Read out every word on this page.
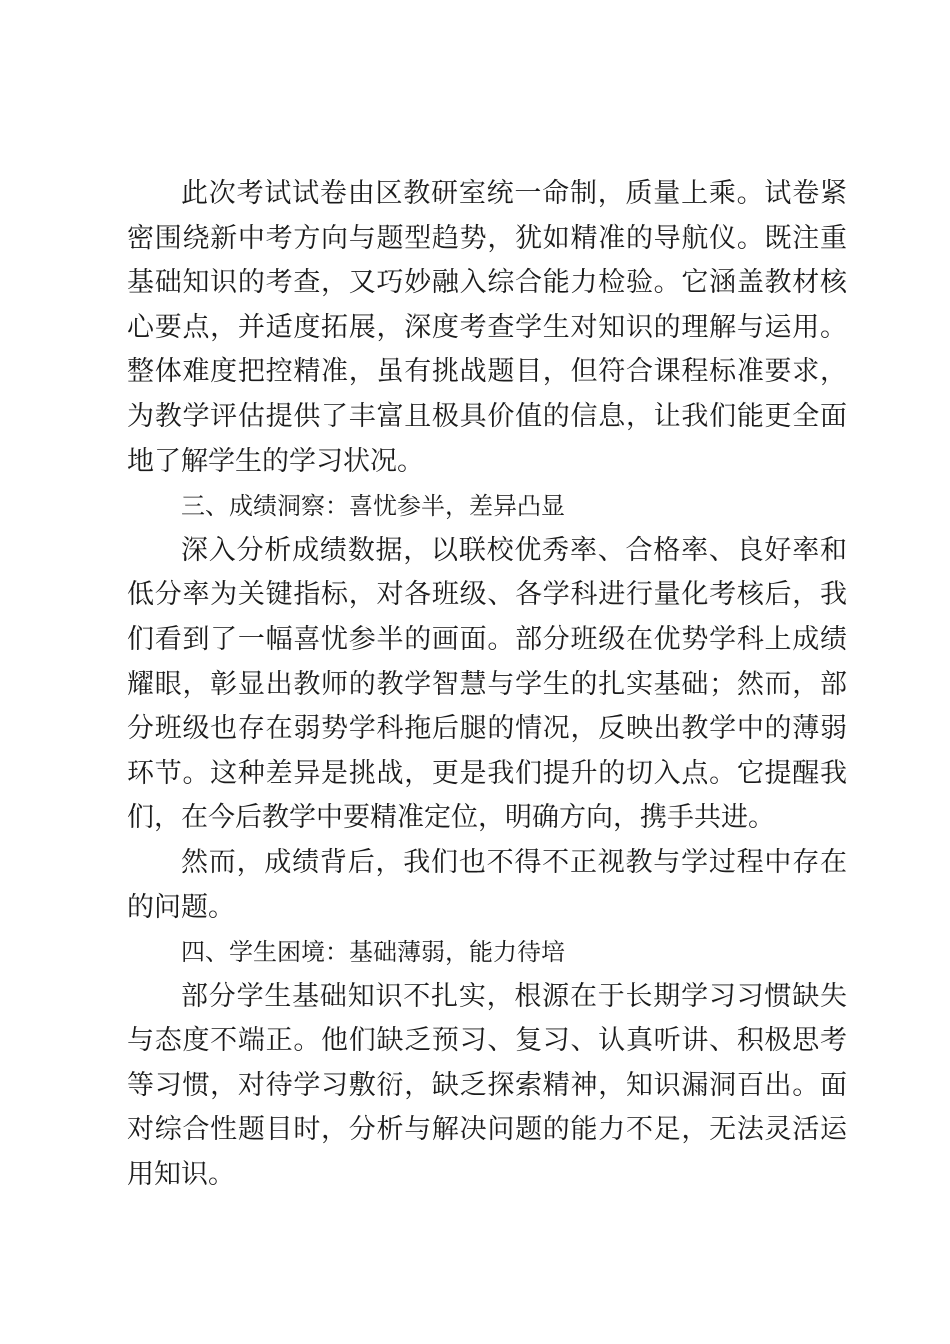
此次考试试卷由区教研室统一命制，质量上乘。试卷紧密围绕新中考方向与题型趋势，犹如精准的导航仪。既注重基础知识的考查，又巧妙融入综合能力检验。它涵盖教材核心要点，并适度拓展，深度考查学生对知识的理解与运用。整体难度把控精准，虽有挑战题目，但符合课程标准要求，为教学评估提供了丰富且极具价值的信息，让我们能更全面地了解学生的学习状况。

三、成绩洞察：喜忧参半，差异凸显

深入分析成绩数据，以联校优秀率、合格率、良好率和低分率为关键指标，对各班级、各学科进行量化考核后，我们看到了一幅喜忧参半的画面。部分班级在优势学科上成绩耀眼，彰显出教师的教学智慧与学生的扎实基础；然而，部分班级也存在弱势学科拖后腿的情况，反映出教学中的薄弱环节。这种差异是挑战，更是我们提升的切入点。它提醒我们，在今后教学中要精准定位，明确方向，携手共进。

然而，成绩背后，我们也不得不正视教与学过程中存在的问题。

四、学生困境：基础薄弱，能力待培

部分学生基础知识不扎实，根源在于长期学习习惯缺失与态度不端正。他们缺乏预习、复习、认真听讲、积极思考等习惯，对待学习敷衍，缺乏探索精神，知识漏洞百出。面对综合性题目时，分析与解决问题的能力不足，无法灵活运用知识。
